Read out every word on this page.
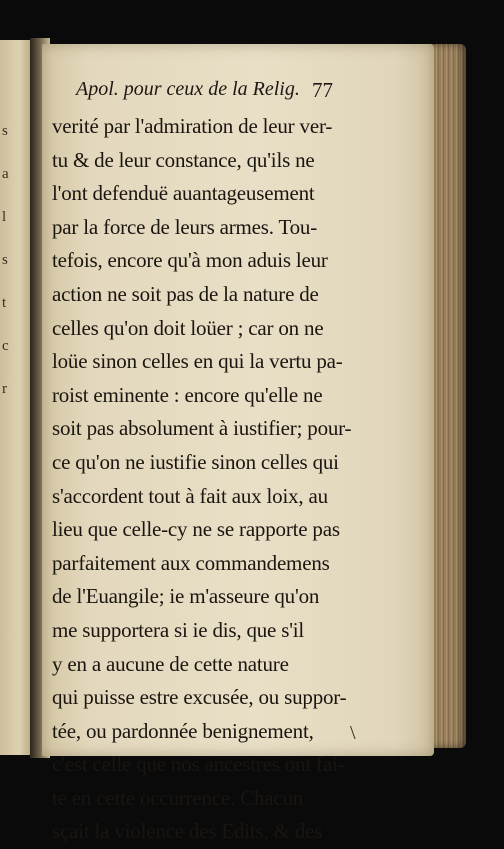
s
a
l
s
t
c
r
Apol. pour ceux de la Relig. 77
verité par l'admiration de leur ver-
tu & de leur constance, qu'ils ne
l'ont defenduë auantageusement
par la force de leurs armes. Tou-
tefois, encore qu'à mon aduis leur
action ne soit pas de la nature de
celles qu'on doit loüer ; car on ne
loüe sinon celles en qui la vertu pa-
roist eminente : encore qu'elle ne
soit pas absolument à iustifier; pour-
ce qu'on ne iustifie sinon celles qui
s'accordent tout à fait aux loix, au
lieu que celle-cy ne se rapporte pas
parfaitement aux commandemens
de l'Euangile; ie m'asseure qu'on
me supportera si ie dis, que s'il
y en a aucune de cette nature
qui puisse estre excusée, ou suppor-
tée, ou pardonnée benignement,
c'est celle que nos ancestres ont fai-
te en cette occurrence. Chacun
sçait la violence des Edits, & des
\
